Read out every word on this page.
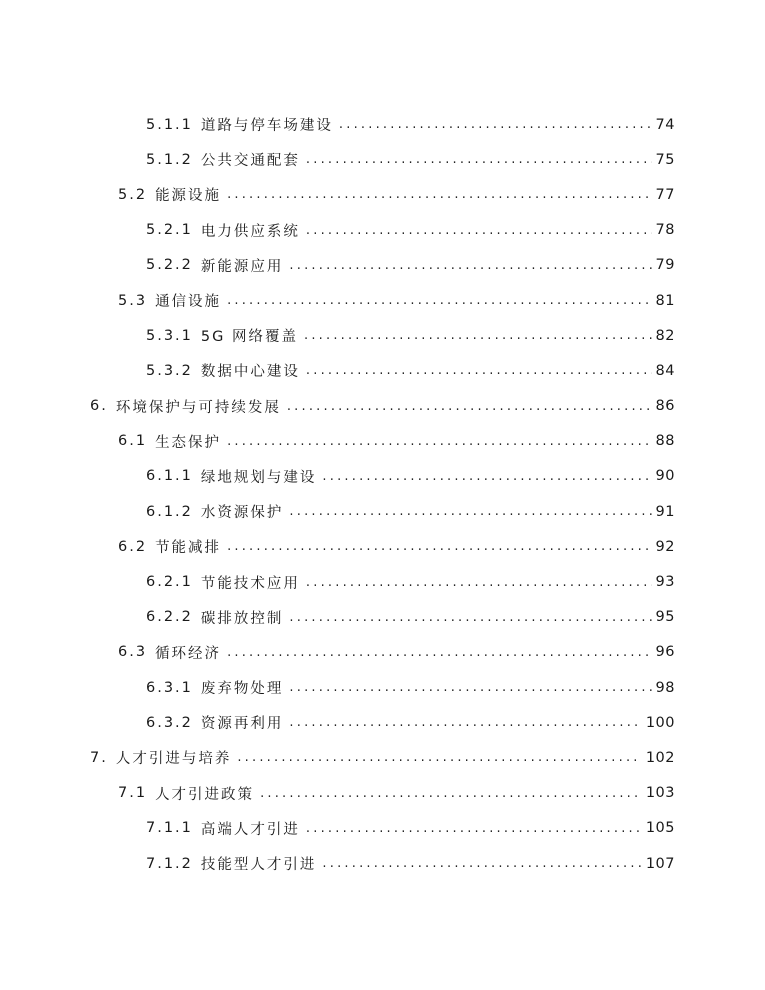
5.1.1 道路与停车场建设 .....	74
5.1.2 公共交通配套 .....	75
5.2 能源设施 .....	77
5.2.1 电力供应系统 .....	78
5.2.2 新能源应用 .....	79
5.3 通信设施 .....	81
5.3.1 5G 网络覆盖 .....	82
5.3.2 数据中心建设 .....	84
6. 环境保护与可持续发展 .....	86
6.1 生态保护 .....	88
6.1.1 绿地规划与建设 .....	90
6.1.2 水资源保护 .....	91
6.2 节能减排 .....	92
6.2.1 节能技术应用 .....	93
6.2.2 碳排放控制 .....	95
6.3 循环经济 .....	96
6.3.1 废弃物处理 .....	98
6.3.2 资源再利用 .....	100
7. 人才引进与培养 .....	102
7.1 人才引进政策 .....	103
7.1.1 高端人才引进 .....	105
7.1.2 技能型人才引进 .....	107
